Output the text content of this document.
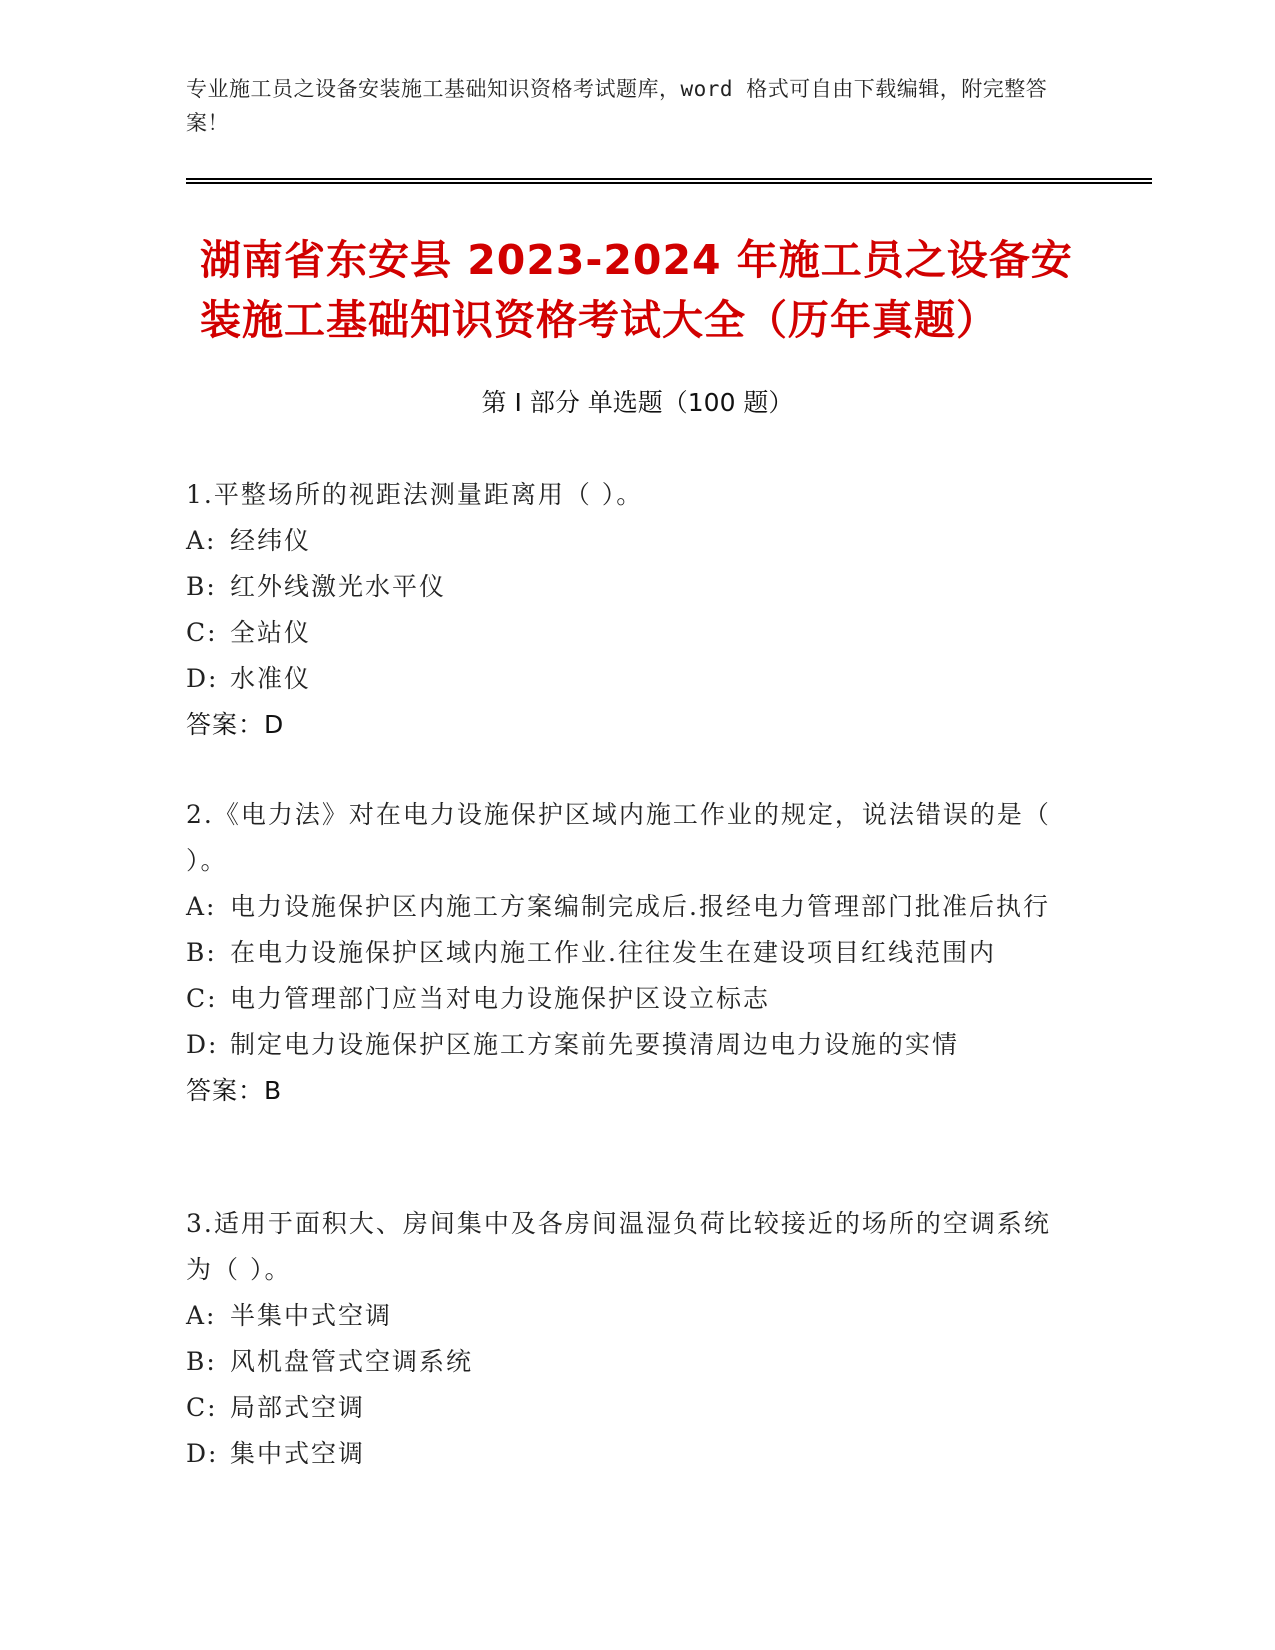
专业施工员之设备安装施工基础知识资格考试题库，word 格式可自由下载编辑，附完整答案！
湖南省东安县 2023-2024 年施工员之设备安装施工基础知识资格考试大全（历年真题）
第 I 部分 单选题（100 题）
1.平整场所的视距法测量距离用（ ）。
A: 经纬仪
B: 红外线激光水平仪
C: 全站仪
D: 水准仪
答案：D
2.《电力法》对在电力设施保护区域内施工作业的规定，说法错误的是（ ）。
A: 电力设施保护区内施工方案编制完成后.报经电力管理部门批准后执行
B: 在电力设施保护区域内施工作业.往往发生在建设项目红线范围内
C: 电力管理部门应当对电力设施保护区设立标志
D: 制定电力设施保护区施工方案前先要摸清周边电力设施的实情
答案：B
3.适用于面积大、房间集中及各房间温湿负荷比较接近的场所的空调系统为（ ）。
A: 半集中式空调
B: 风机盘管式空调系统
C: 局部式空调
D: 集中式空调
